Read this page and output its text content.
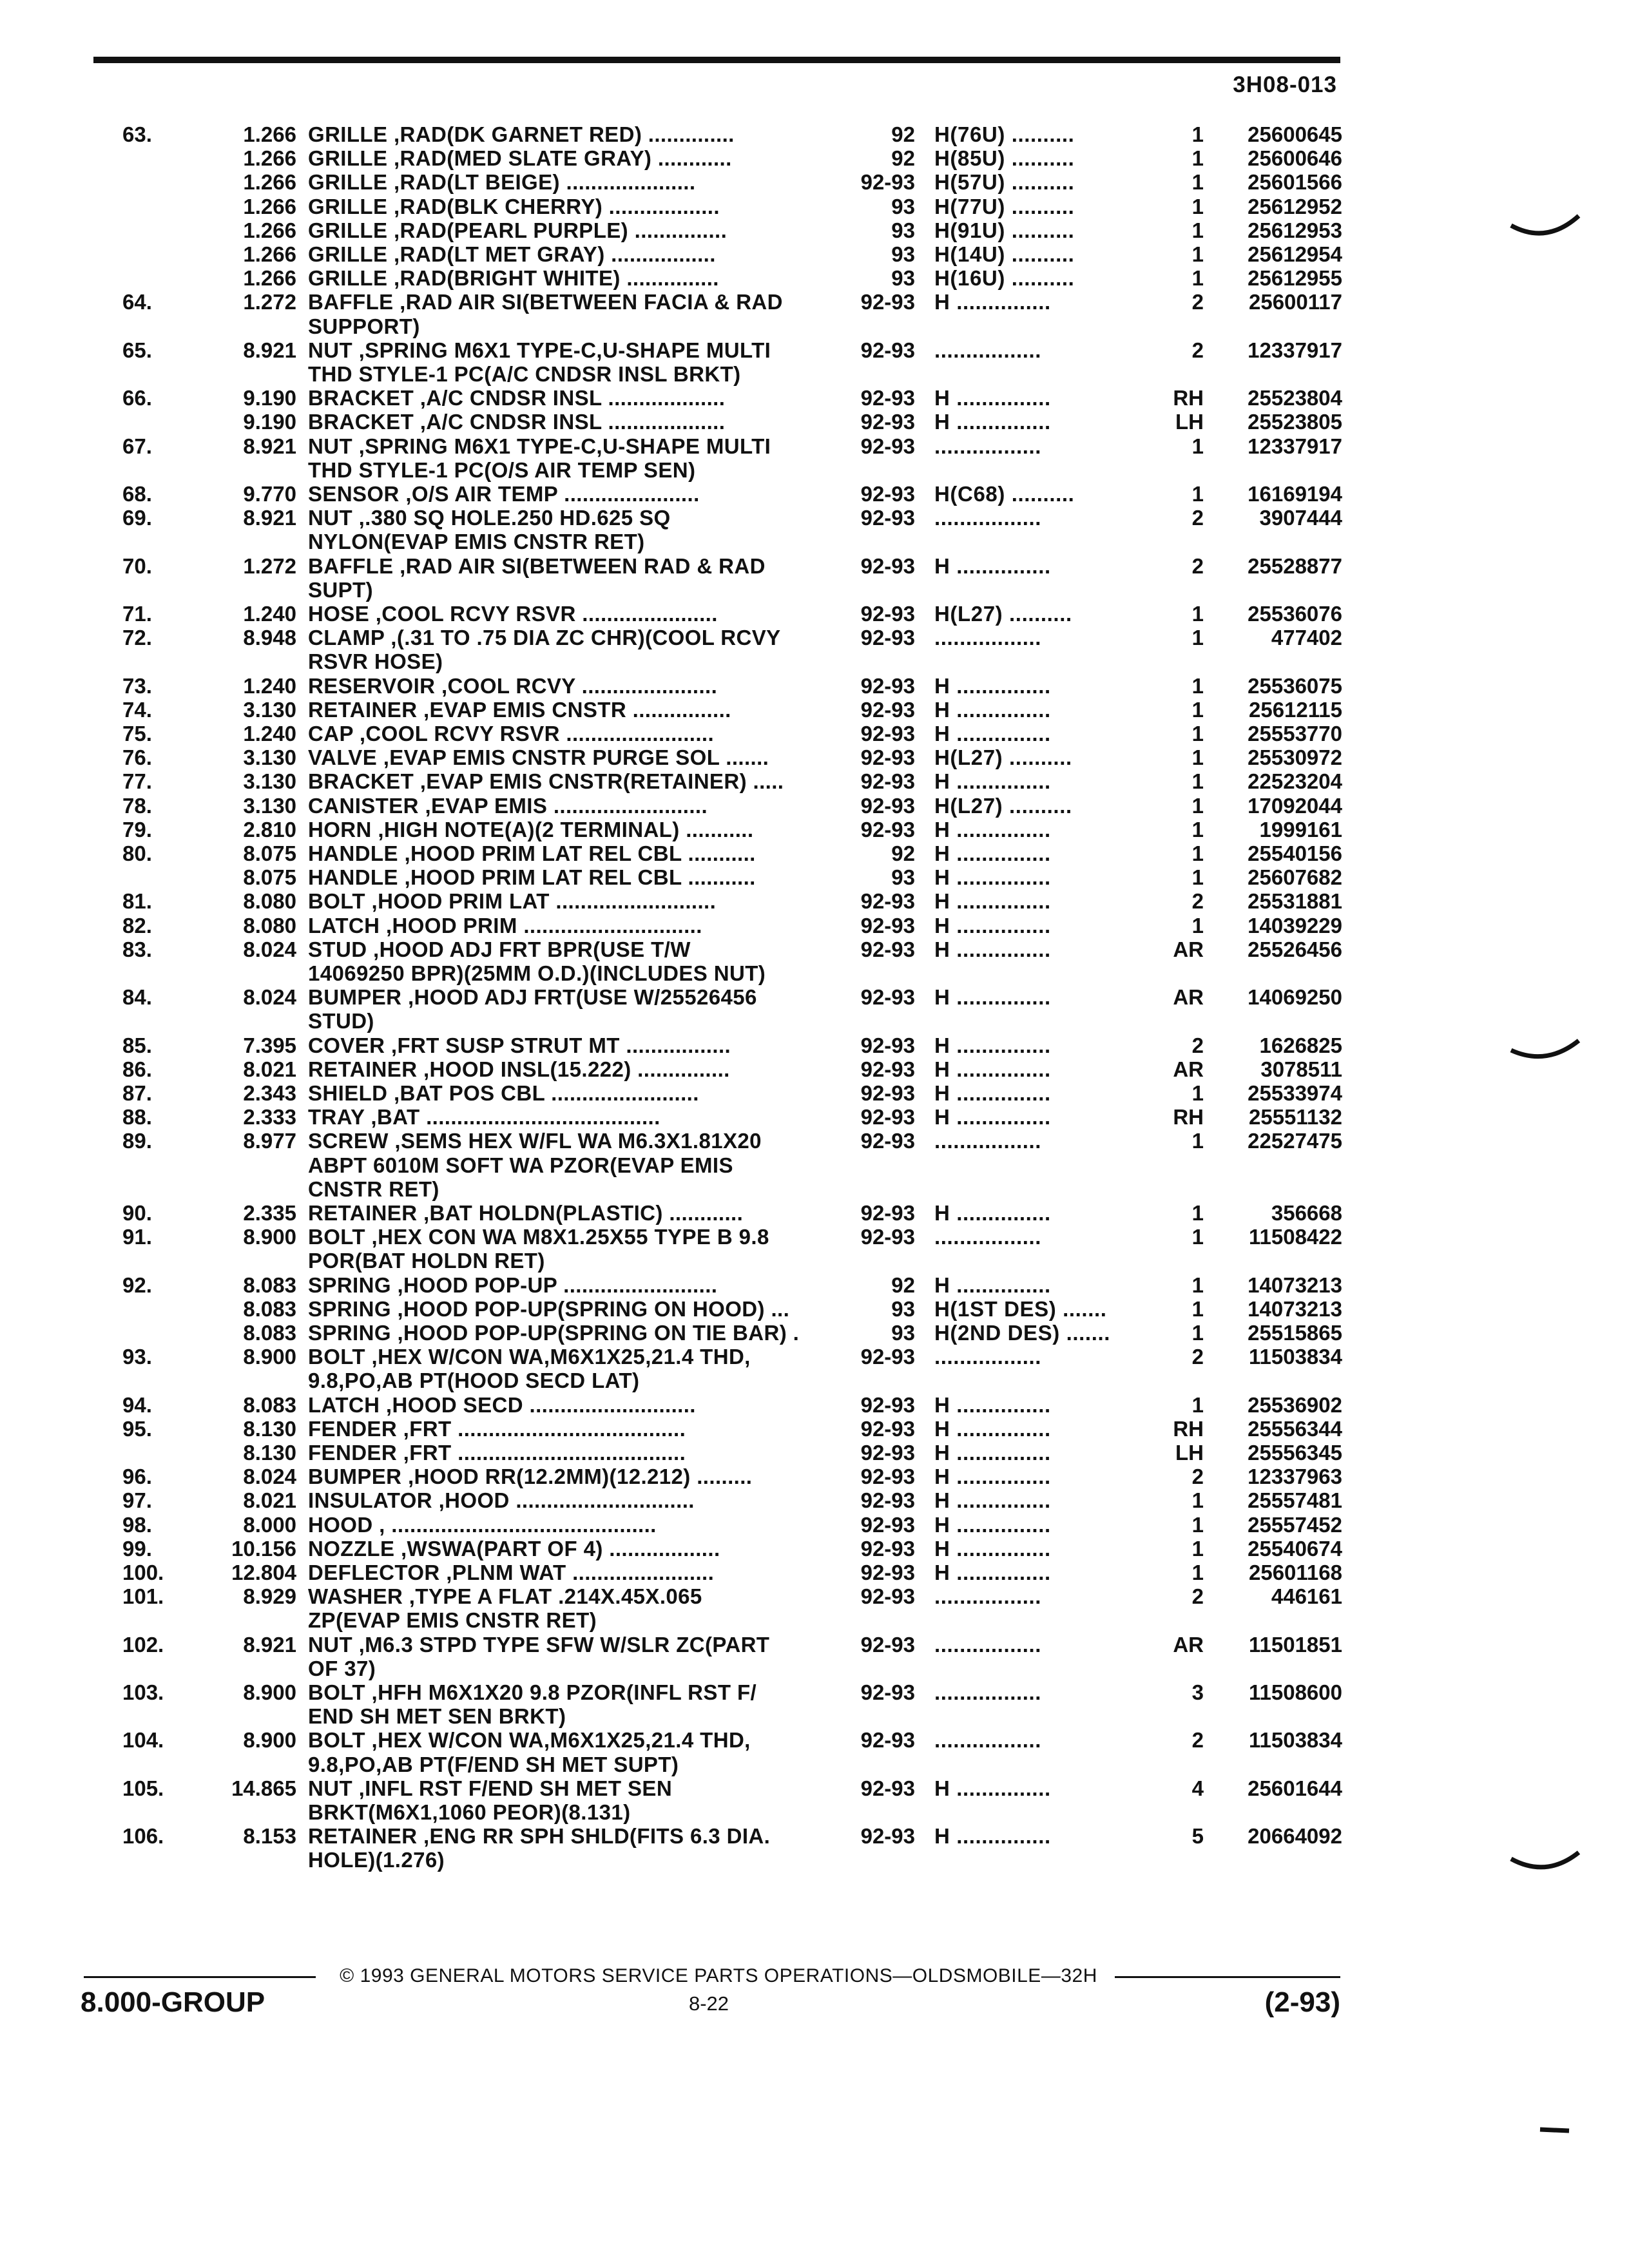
3H08-013
63.	1.266 GRILLE ,RAD(DK GARNET RED) ..............	92 H(76U) ..........	1	25600645
1.266 GRILLE ,RAD(MED SLATE GRAY) ............	92 H(85U) ..........	1	25600646
1.266 GRILLE ,RAD(LT BEIGE) .....................	92-93 H(57U) ..........	1	25601566
1.266 GRILLE ,RAD(BLK CHERRY) ..................	93 H(77U) ..........	1	25612952
1.266 GRILLE ,RAD(PEARL PURPLE) ...............	93 H(91U) ..........	1	25612953
1.266 GRILLE ,RAD(LT MET GRAY) .................	93 H(14U) ..........	1	25612954
1.266 GRILLE ,RAD(BRIGHT WHITE) ...............	93 H(16U) ..........	1	25612955
64.	1.272 BAFFLE ,RAD AIR SI(BETWEEN FACIA & RAD	92-93 H ...............	2	25600117
SUPPORT)
65.	8.921 NUT ,SPRING M6X1 TYPE-C,U-SHAPE MULTI	92-93 .................	2	12337917
THD STYLE-1 PC(A/C CNDSR INSL BRKT)
66.	9.190 BRACKET ,A/C CNDSR INSL ...................	92-93 H ...............	RH	25523804
9.190 BRACKET ,A/C CNDSR INSL ...................	92-93 H ...............	LH	25523805
67.	8.921 NUT ,SPRING M6X1 TYPE-C,U-SHAPE MULTI	92-93 .................	1	12337917
THD STYLE-1 PC(O/S AIR TEMP SEN)
68.	9.770 SENSOR ,O/S AIR TEMP ......................	92-93 H(C68) ..........	1	16169194
69.	8.921 NUT ,.380 SQ HOLE.250 HD.625 SQ	92-93 .................	2	3907444
NYLON(EVAP EMIS CNSTR RET)
70.	1.272 BAFFLE ,RAD AIR SI(BETWEEN RAD & RAD	92-93 H ...............	2	25528877
SUPT)
71.	1.240 HOSE ,COOL RCVY RSVR ......................	92-93 H(L27) ..........	1	25536076
72.	8.948 CLAMP ,(.31 TO .75 DIA ZC CHR)(COOL RCVY	92-93 .................	1	477402
RSVR HOSE)
73.	1.240 RESERVOIR ,COOL RCVY ......................	92-93 H ...............	1	25536075
74.	3.130 RETAINER ,EVAP EMIS CNSTR ................	92-93 H ...............	1	25612115
75.	1.240 CAP ,COOL RCVY RSVR ........................	92-93 H ...............	1	25553770
76.	3.130 VALVE ,EVAP EMIS CNSTR PURGE SOL .......	92-93 H(L27) ..........	1	25530972
77.	3.130 BRACKET ,EVAP EMIS CNSTR(RETAINER) .....	92-93 H ...............	1	22523204
78.	3.130 CANISTER ,EVAP EMIS .........................	92-93 H(L27) ..........	1	17092044
79.	2.810 HORN ,HIGH NOTE(A)(2 TERMINAL) ...........	92-93 H ...............	1	1999161
80.	8.075 HANDLE ,HOOD PRIM LAT REL CBL ...........	92 H ...............	1	25540156
8.075 HANDLE ,HOOD PRIM LAT REL CBL ...........	93 H ...............	1	25607682
81.	8.080 BOLT ,HOOD PRIM LAT ..........................	92-93 H ...............	2	25531881
82.	8.080 LATCH ,HOOD PRIM .............................	92-93 H ...............	1	14039229
83.	8.024 STUD ,HOOD ADJ FRT BPR(USE T/W	92-93 H ...............	AR	25526456
14069250 BPR)(25MM O.D.)(INCLUDES NUT)
84.	8.024 BUMPER ,HOOD ADJ FRT(USE W/25526456	92-93 H ...............	AR	14069250
STUD)
85.	7.395 COVER ,FRT SUSP STRUT MT .................	92-93 H ...............	2	1626825
86.	8.021 RETAINER ,HOOD INSL(15.222) ...............	92-93 H ...............	AR	3078511
87.	2.343 SHIELD ,BAT POS CBL ........................	92-93 H ...............	1	25533974
88.	2.333 TRAY ,BAT ......................................	92-93 H ...............	RH	25551132
89.	8.977 SCREW ,SEMS HEX W/FL WA M6.3X1.81X20	92-93 .................	1	22527475
ABPT 6010M SOFT WA PZOR(EVAP EMIS
CNSTR RET)
90.	2.335 RETAINER ,BAT HOLDN(PLASTIC) ............	92-93 H ...............	1	356668
91.	8.900 BOLT ,HEX CON WA M8X1.25X55 TYPE B 9.8	92-93 .................	1	11508422
POR(BAT HOLDN RET)
92.	8.083 SPRING ,HOOD POP-UP .........................	92 H ...............	1	14073213
8.083 SPRING ,HOOD POP-UP(SPRING ON HOOD) ...	93 H(1ST DES) .......	1	14073213
8.083 SPRING ,HOOD POP-UP(SPRING ON TIE BAR) .	93 H(2ND DES) .......	1	25515865
93.	8.900 BOLT ,HEX W/CON WA,M6X1X25,21.4 THD,	92-93 .................	2	11503834
9.8,PO,AB PT(HOOD SECD LAT)
94.	8.083 LATCH ,HOOD SECD ...........................	92-93 H ...............	1	25536902
95.	8.130 FENDER ,FRT .....................................	92-93 H ...............	RH	25556344
8.130 FENDER ,FRT .....................................	92-93 H ...............	LH	25556345
96.	8.024 BUMPER ,HOOD RR(12.2MM)(12.212) .........	92-93 H ...............	2	12337963
97.	8.021 INSULATOR ,HOOD .............................	92-93 H ...............	1	25557481
98.	8.000 HOOD , ...........................................	92-93 H ...............	1	25557452
99.	10.156 NOZZLE ,WSWA(PART OF 4) ..................	92-93 H ...............	1	25540674
100.	12.804 DEFLECTOR ,PLNM WAT .......................	92-93 H ...............	1	25601168
101.	8.929 WASHER ,TYPE A FLAT .214X.45X.065	92-93 .................	2	446161
ZP(EVAP EMIS CNSTR RET)
102.	8.921 NUT ,M6.3 STPD TYPE SFW W/SLR ZC(PART	92-93 .................	AR	11501851
OF 37)
103.	8.900 BOLT ,HFH M6X1X20 9.8 PZOR(INFL RST F/	92-93 .................	3	11508600
END SH MET SEN BRKT)
104.	8.900 BOLT ,HEX W/CON WA,M6X1X25,21.4 THD,	92-93 .................	2	11503834
9.8,PO,AB PT(F/END SH MET SUPT)
105.	14.865 NUT ,INFL RST F/END SH MET SEN	92-93 H ...............	4	25601644
BRKT(M6X1,1060 PEOR)(8.131)
106.	8.153 RETAINER ,ENG RR SPH SHLD(FITS 6.3 DIA.	92-93 H ...............	5	20664092
HOLE)(1.276)
© 1993 GENERAL MOTORS SERVICE PARTS OPERATIONS—OLDSMOBILE—32H
8.000-GROUP	8-22	(2-93)
